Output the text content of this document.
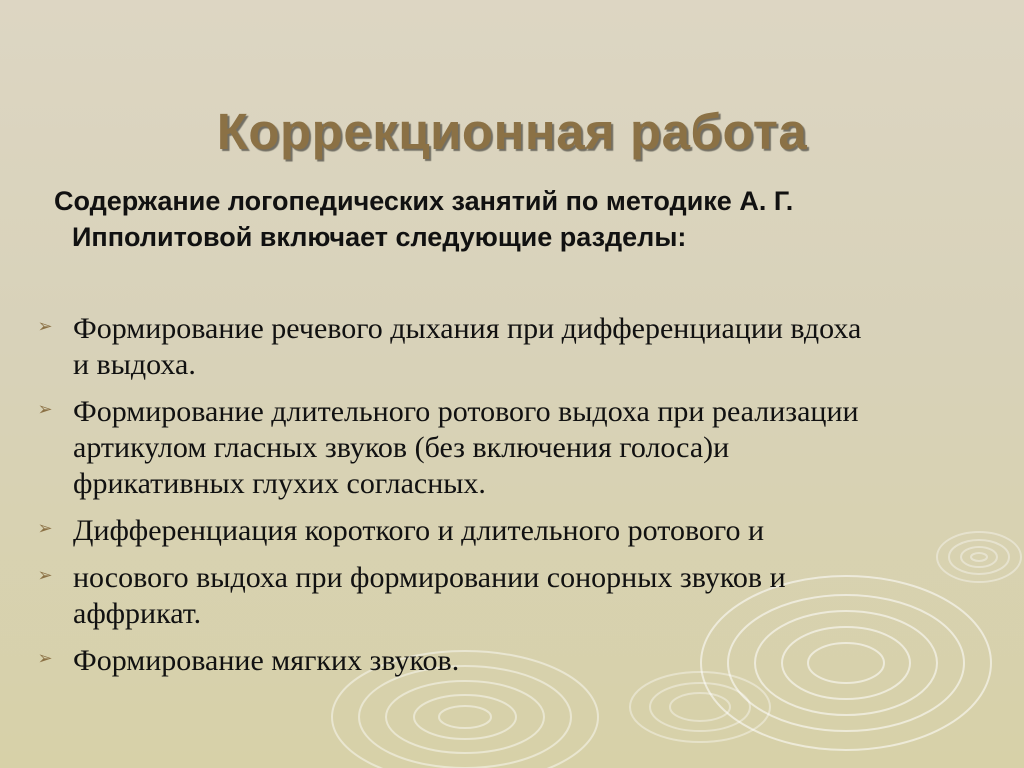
Коррекционная работа
Содержание логопедических занятий по методике А. Г.
Ипполитовой включает следующие разделы:
➢ Формирование речевого дыхания при дифференциации вдоха
и выдоха.
➢ Формирование длительного ротового выдоха при реализации
артикулом гласных звуков (без включения голоса)и
фрикативных глухих согласных.
➢ Дифференциация короткого и длительного ротового и
➢ носового выдоха при формировании сонорных звуков и
аффрикат.
➢ Формирование мягких звуков.
